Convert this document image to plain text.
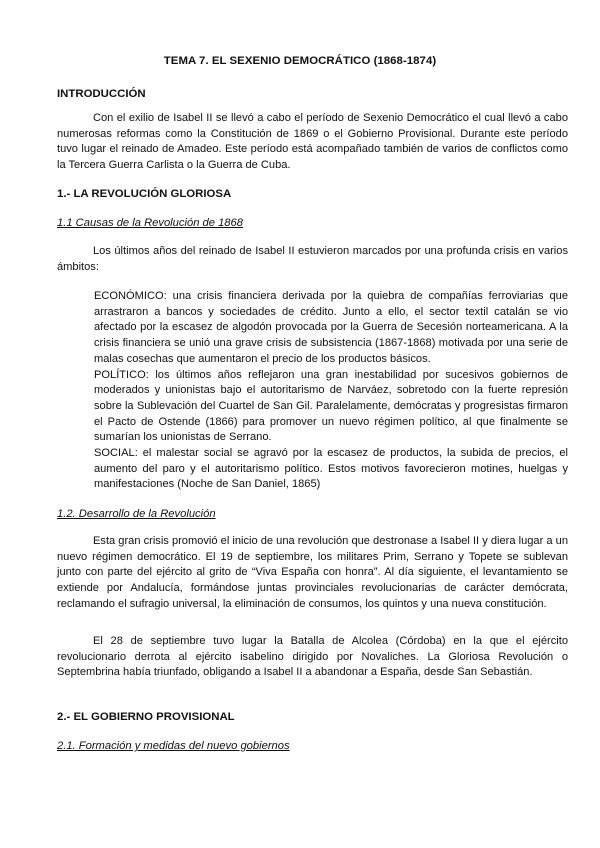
TEMA 7. EL SEXENIO DEMOCRÁTICO (1868-1874)
INTRODUCCIÓN

Con el exilio de Isabel II se llevó a cabo el período de Sexenio Democrático el cual llevó a cabo numerosas reformas como la Constitución de 1869 o el Gobierno Provisional. Durante este período tuvo lugar el reinado de Amadeo. Este período está acompañado también de varios de conflictos como la Tercera Guerra Carlista o la Guerra de Cuba.

1.- LA REVOLUCIÓN GLORIOSA
1.1 Causas de la Revolución de 1868

Los últimos años del reinado de Isabel II estuvieron marcados por una profunda crisis en varios ámbitos:

ECONÓMICO: una crisis financiera derivada por la quiebra de compañías ferroviarias que arrastraron a bancos y sociedades de crédito. Junto a ello, el sector textil catalán se vio afectado por la escasez de algodón provocada por la Guerra de Secesión norteamericana. A la crisis financiera se unió una grave crisis de subsistencia (1867-1868) motivada por una serie de malas cosechas que aumentaron el precio de los productos básicos.

POLÍTICO: los últimos años reflejaron una gran inestabilidad por sucesivos gobiernos de moderados y unionistas bajo el autoritarismo de Narváez, sobretodo con la fuerte represión sobre la Sublevación del Cuartel de San Gil. Paralelamente, demócratas y progresistas firmaron el Pacto de Ostende (1866) para promover un nuevo régimen político, al que finalmente se sumarían los unionistas de Serrano.

SOCIAL: el malestar social se agravó por la escasez de productos, la subida de precios, el aumento del paro y el autoritarismo político. Estos motivos favorecieron motines, huelgas y manifestaciones (Noche de San Daniel, 1865)

1.2. Desarrollo de la Revolución

Esta gran crisis promovió el inicio de una revolución que destronase a Isabel II y diera lugar a un nuevo régimen democrático. El 19 de septiembre, los militares Prim, Serrano y Topete se sublevan junto con parte del ejército al grito de “Viva España con honra”. Al día siguiente, el levantamiento se extiende por Andalucía, formándose juntas provinciales revolucionarias de carácter demócrata, reclamando el sufragio universal, la eliminación de consumos, los quintos y una nueva constitución.

El 28 de septiembre tuvo lugar la Batalla de Alcolea (Córdoba) en la que el ejército revolucionario derrota al ejército isabelino dirigido por Novaliches. La Gloriosa Revolución o Septembrina había triunfado, obligando a Isabel II a abandonar a España, desde San Sebastián.

2.- EL GOBIERNO PROVISIONAL
2.1. Formación y medidas del nuevo gobiernos
